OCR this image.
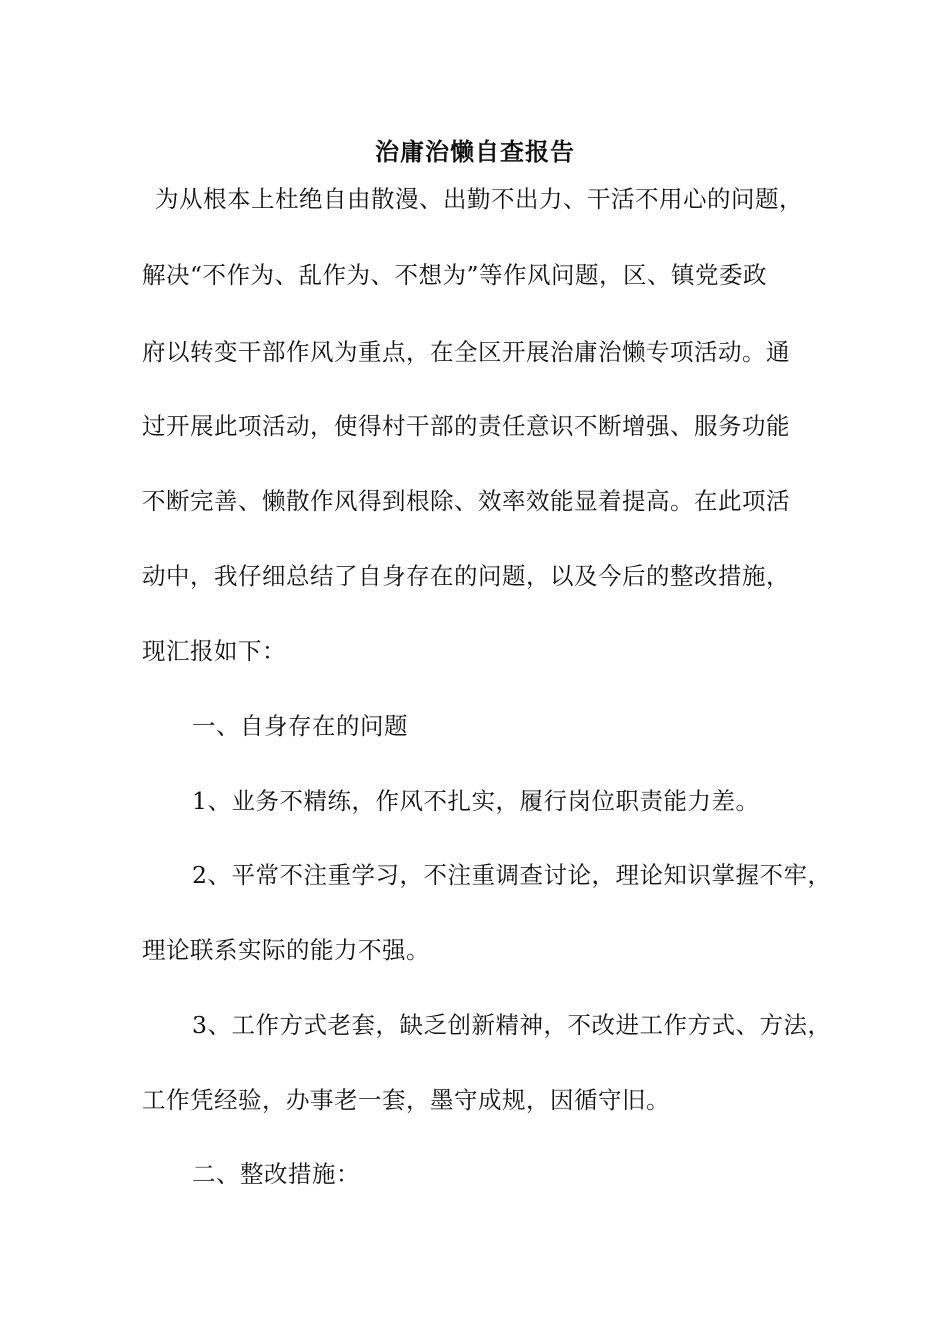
治庸治懒自查报告
为从根本上杜绝自由散漫、出勤不出力、干活不用心的问题，
解决“不作为、乱作为、不想为”等作风问题，区、镇党委政
府以转变干部作风为重点，在全区开展治庸治懒专项活动。通
过开展此项活动，使得村干部的责任意识不断增强、服务功能
不断完善、懒散作风得到根除、效率效能显着提高。在此项活
动中，我仔细总结了自身存在的问题，以及今后的整改措施，
现汇报如下：
一、自身存在的问题
1、业务不精练，作风不扎实，履行岗位职责能力差。
2、平常不注重学习，不注重调查讨论，理论知识掌握不牢，
理论联系实际的能力不强。
3、工作方式老套，缺乏创新精神，不改进工作方式、方法，
工作凭经验，办事老一套，墨守成规，因循守旧。
二、整改措施：
